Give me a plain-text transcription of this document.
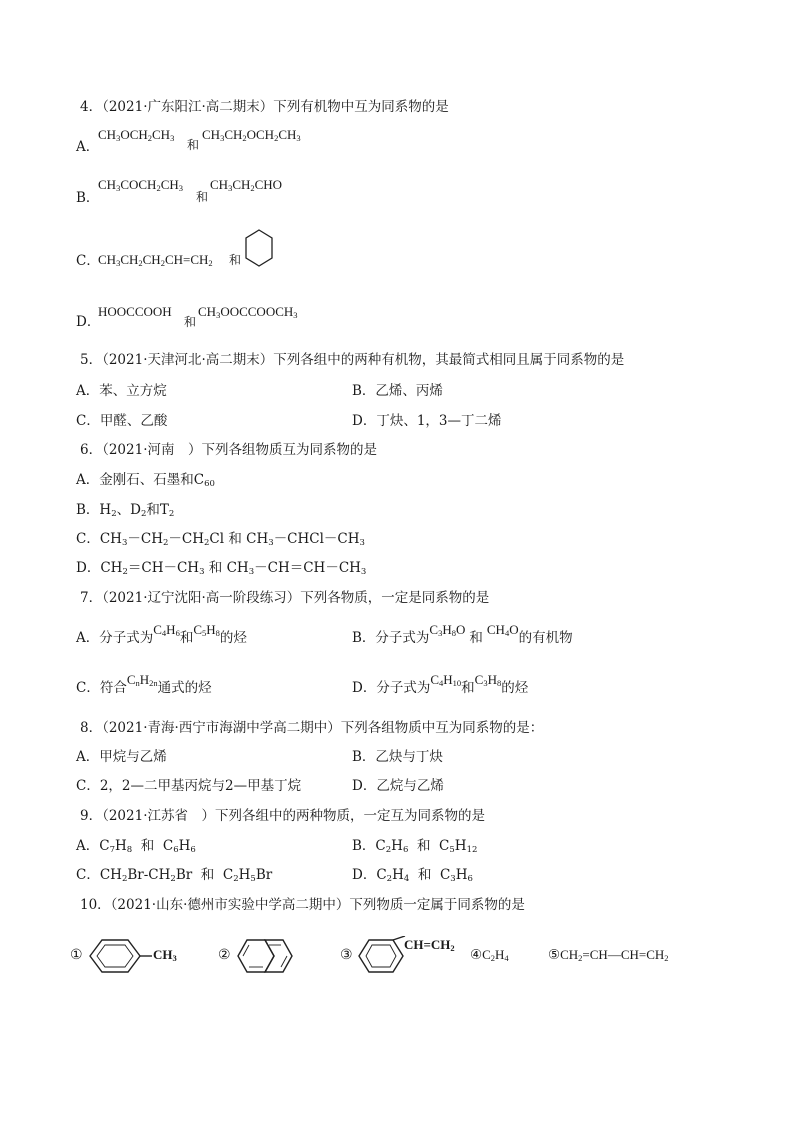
4．（2021·广东阳江·高二期末）下列有机物中互为同系物的是
A．
$CH_3OCH_2CH_3$ 和
$CH_3CH_2OCH_2CH_3$
B．
$CH_3COCH_2CH_3$
和
$CH_3CH_2CHO$
C．
$CH_3CH_2CH_2CH=CH_2$ 和
D．
HOOCCOOH
和
$CH_3OOCCOOCH_3$
5．（2021·天津河北·高二期末）下列各组中的两种有机物，其最简式相同且属于同系物的是
A．苯、立方烷	B．乙烯、丙烯
C．甲醛、乙酸	D．丁炔、1，3—丁二烯
6．（2021·河南　）下列各组物质互为同系物的是
A．金刚石、石墨和$C_{60}$
B．$H_2$、$D_2$和$T_2$
C．$CH_3-CH_2-CH_2Cl$ 和 $CH_3-CHCl-CH_3$
D．$CH_2=CH-CH_3$ 和 $CH_3-CH=CH-CH_3$
7．（2021·辽宁沈阳·高一阶段练习）下列各物质，一定是同系物的是
A．分子式为$C_4H_6$和$C_5H_8$的烃	B．分子式为$C_3H_8O$和$CH_4O$的有机物
C．符合$C_nH_{2n}$通式的烃	D．分子式为$C_4H_{10}$和$C_3H_8$的烃
8．（2021·青海·西宁市海湖中学高二期中）下列各组物质中互为同系物的是：
A．甲烷与乙烯	B．乙炔与丁炔
C．2，2—二甲基丙烷与2—甲基丁烷	D．乙烷与乙烯
9．（2021·江苏省　）下列各组中的两种物质，一定互为同系物的是
A．$C_7H_8$  和  $C_6H_6$	B．$C_2H_6$  和  $C_5H_{12}$
C．$CH_2Br-CH_2Br$  和  $C_2H_5Br$	D．$C_2H_4$  和  $C_3H_6$
10．（2021·山东·德州市实验中学高二期中）下列物质一定属于同系物的是
①	$CH_3$	②	③
$CH=CH_2$ $④C_2H_4$	$⑤CH_2=CH—CH=CH_2$
